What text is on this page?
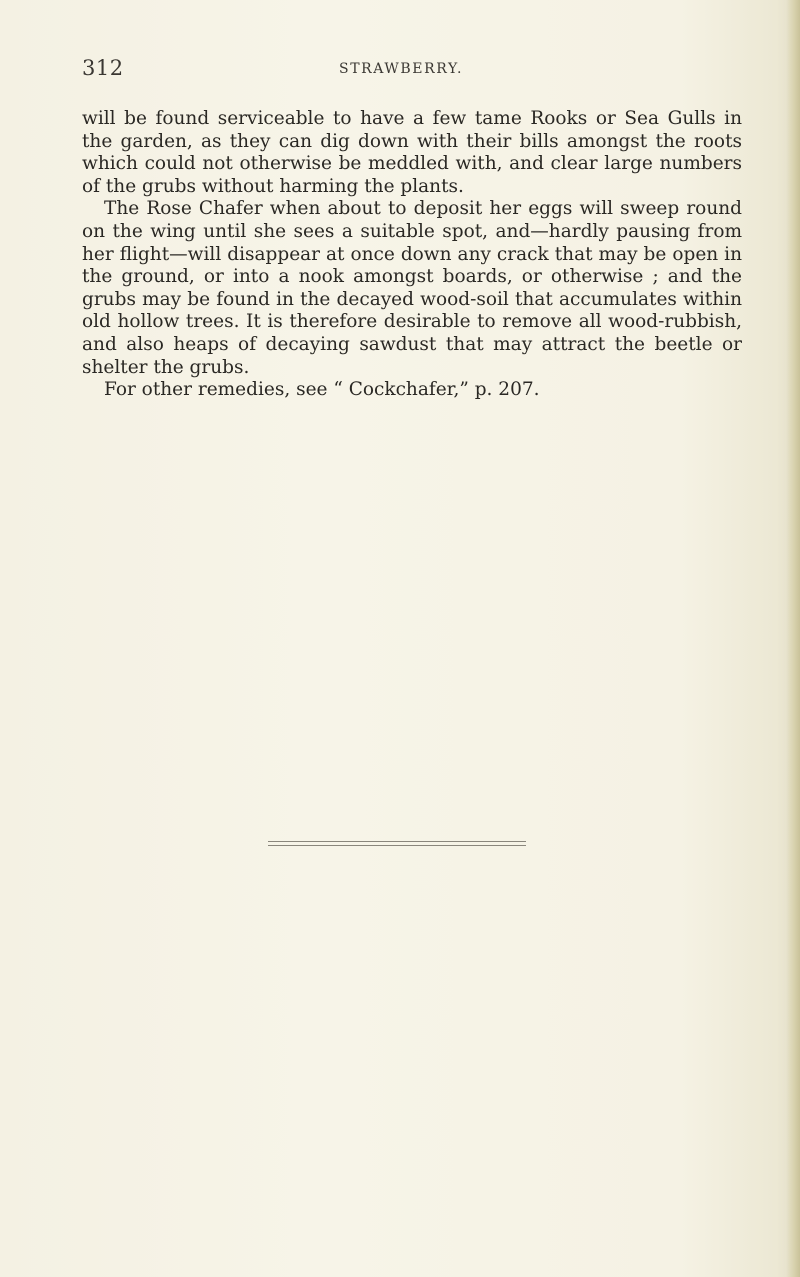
312	STRAWBERRY.

will be found serviceable to have a few tame Rooks or Sea Gulls in the garden, as they can dig down with their bills amongst the roots which could not otherwise be meddled with, and clear large numbers of the grubs without harming the plants.

The Rose Chafer when about to deposit her eggs will sweep round on the wing until she sees a suitable spot, and—hardly pausing from her flight—will disappear at once down any crack that may be open in the ground, or into a nook amongst boards, or otherwise ; and the grubs may be found in the decayed wood-soil that accumulates within old hollow trees. It is therefore desirable to remove all wood-rubbish, and also heaps of decaying sawdust that may attract the beetle or shelter the grubs.

For other remedies, see “ Cockchafer,” p. 207.
